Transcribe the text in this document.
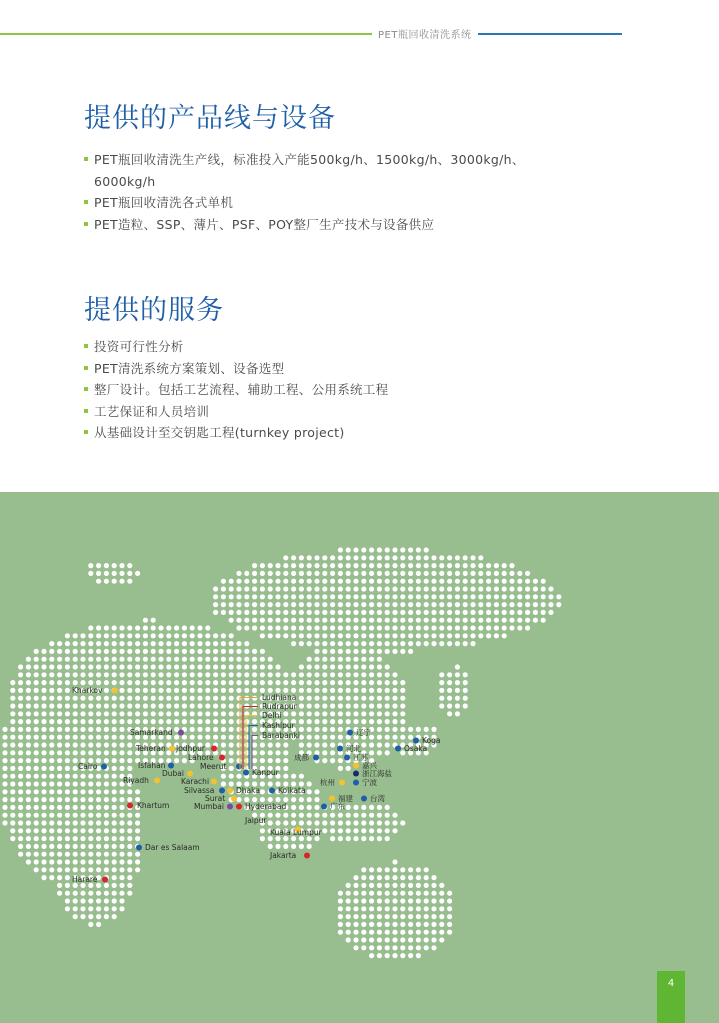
PET瓶回收清洗系统
提供的产品线与设备
PET瓶回收清洗生产线，标准投入产能500kg/h、1500kg/h、3000kg/h、6000kg/h
PET瓶回收清洗各式单机
PET造粒、SSP、薄片、PSF、POY整厂生产技术与设备供应
提供的服务
投资可行性分析
PET清洗系统方案策划、设备选型
整厂设计。包括工艺流程、辅助工程、公用系统工程
工艺保证和人员培训
从基础设计至交钥匙工程(turnkey project)
Kharkov
Ludhiana
Rudrapur
Delhi
Kashipur
Barabanki
Samarkand
Teheran Jodhpur
Lahore
Meerut
Kanpur
Cairo	Isfahan
Dubai
Karachi
Riyadh
Silvassa	Dhaka Kolkata
Surat
Khartum	Mumbai	Hyderabad
Jaipur
Kuala Lumpur
Dar es Salaam
Jakarta
Harare
辽宁
河北
成都	江苏
嘉兴
浙江海盐
杭州	宁波
福建 台湾
广东
Koga
Osaka
4
